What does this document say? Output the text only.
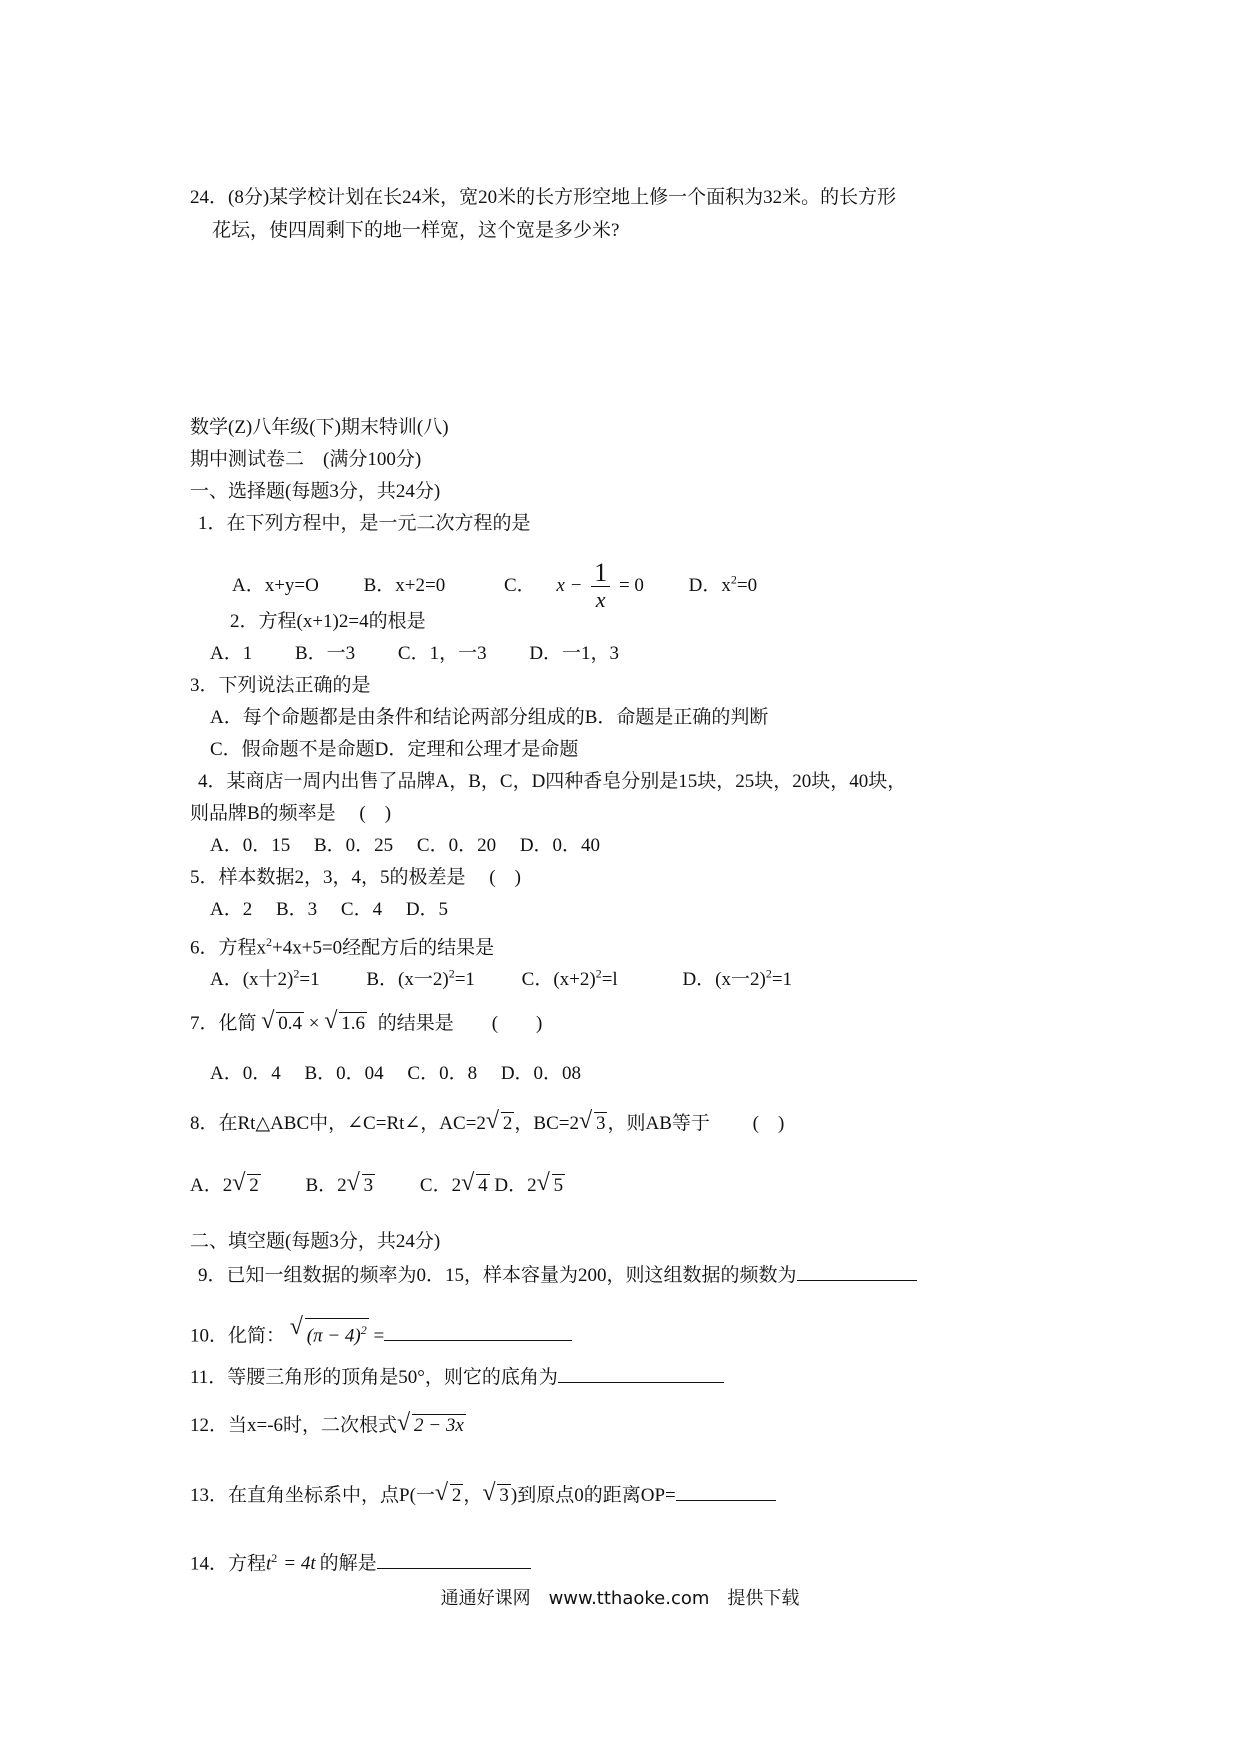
24．(8分)某学校计划在长24米，宽20米的长方形空地上修一个面积为32米。的长方形
花坛，使四周剩下的地一样宽，这个宽是多少米?
数学(Z)八年级(下)期末特训(八)
期中测试卷二　(满分100分)
一、选择题(每题3分，共24分)
1．在下列方程中，是一元二次方程的是
A．x+y=O B．x+2=0	C． $x - \frac{1}{x} = 0$ D．$x^2=0$
2．方程(x+1)2=4的根是
A．1　　 B．一3　　 C．1，一3　　 D．一1，3
3．下列说法正确的是
A．每个命题都是由条件和结论两部分组成的B．命题是正确的判断
C．假命题不是命题D．定理和公理才是命题
4．某商店一周内出售了品牌A，B，C，D四种香皂分别是15块，25块，20块，40块，
则品牌B的频率是　 (　)
A．0．15　 B．0．25　 C．0．20　 D．0．40
5．样本数据2，3，4，5的极差是　 (　)
A．2　 B．3　 C．4　 D．5
6．方程$x^2+4x+5=0$经配方后的结果是
A．(x十2)$^2$=1 B．(x一2)$^2$=1 C．$(x+2)^2=l$	D．(x一2)$^2$=1
7．化简 √ 0.4 × √ 1.6 的结果是　　(　　)
A．0．4　 B．0．04　 C．0．8　 D．0．08
8．在Rt△ABC中，∠C=Rt∠，AC=2 √ 2 ，BC=2 √ 3 ，则AB等于　　 (　)
A．2 √ 2 B．2 √ 3 C．2 √ 4 D．2 √ 5
二、填空题(每题3分，共24分)
9．已知一组数据的频率为0．15，样本容量为200，则这组数据的频数为
10．化简： √ $(\pi - 4)^2$ =
11．等腰三角形的顶角是50°，则它的底角为
12．当x=-6时，二次根式 √ 2 − 3x
13．在直角坐标系中，点P(一 √ 2 ， √ 3 )到原点0的距离OP=
14．方程$t^2 = 4t$ 的解是
通通好课网　www.tthaoke.com　提供下载
